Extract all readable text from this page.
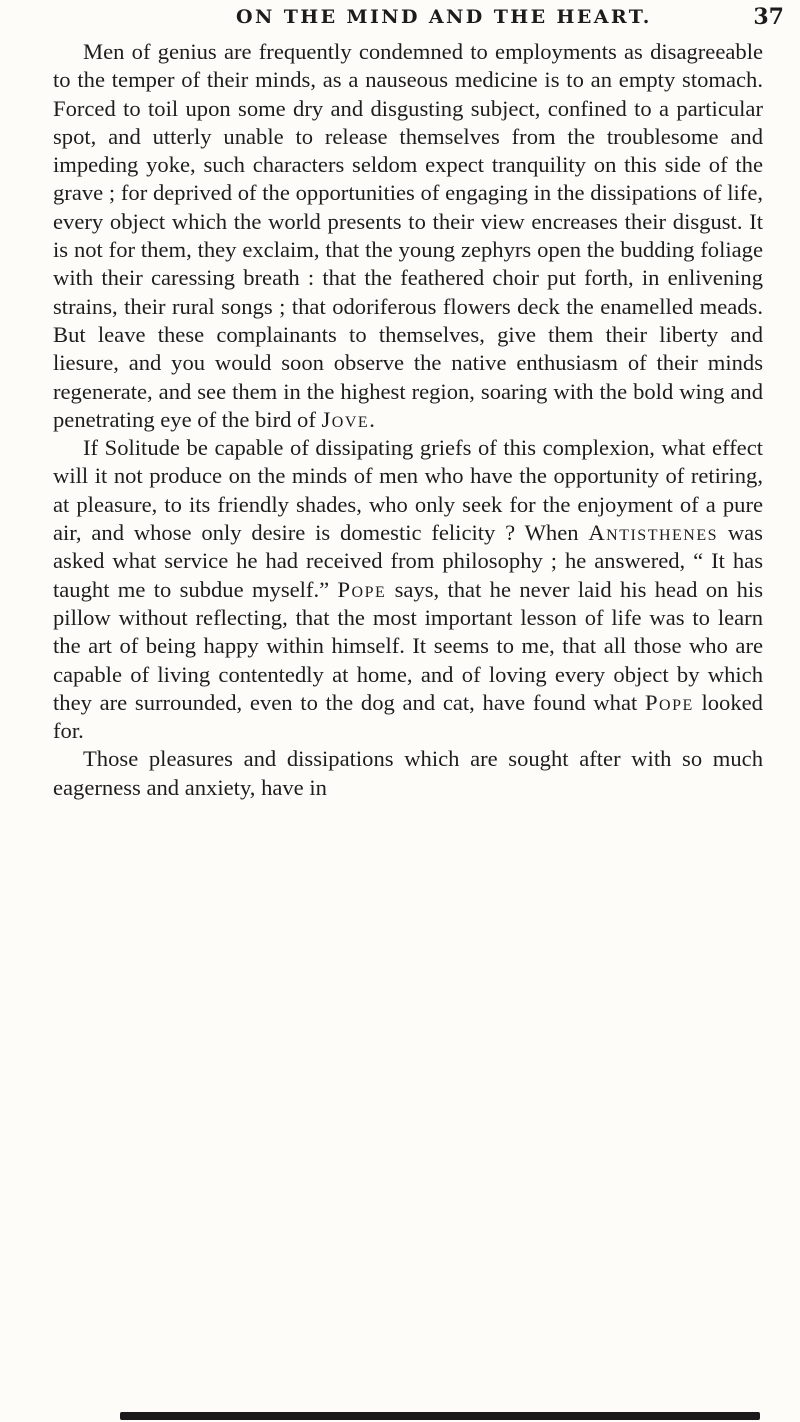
ON THE MIND AND THE HEART.	37

Men of genius are frequently condemned to employments as disagreeable to the temper of their minds, as a nauseous medicine is to an empty stomach. Forced to toil upon some dry and disgusting subject, confined to a particular spot, and utterly unable to release themselves from the troublesome and impeding yoke, such characters seldom expect tranquility on this side of the grave ; for deprived of the opportunities of engaging in the dissipations of life, every object which the world presents to their view encreases their disgust. It is not for them, they exclaim, that the young zephyrs open the budding foliage with their caressing breath : that the feathered choir put forth, in enlivening strains, their rural songs ; that odoriferous flowers deck the enamelled meads. But leave these complainants to themselves, give them their liberty and liesure, and you would soon observe the native enthusiasm of their minds regenerate, and see them in the highest region, soaring with the bold wing and penetrating eye of the bird of Jove.

If Solitude be capable of dissipating griefs of this complexion, what effect will it not produce on the minds of men who have the opportunity of retiring, at pleasure, to its friendly shades, who only seek for the enjoyment of a pure air, and whose only desire is domestic felicity ? When Antisthenes was asked what service he had received from philosophy ; he answered, “ It has taught me to subdue myself.” Pope says, that he never laid his head on his pillow without reflecting, that the most important lesson of life was to learn the art of being happy within himself. It seems to me, that all those who are capable of living contentedly at home, and of loving every object by which they are surrounded, even to the dog and cat, have found what Pope looked for.

Those pleasures and dissipations which are sought after with so much eagerness and anxiety, have in
